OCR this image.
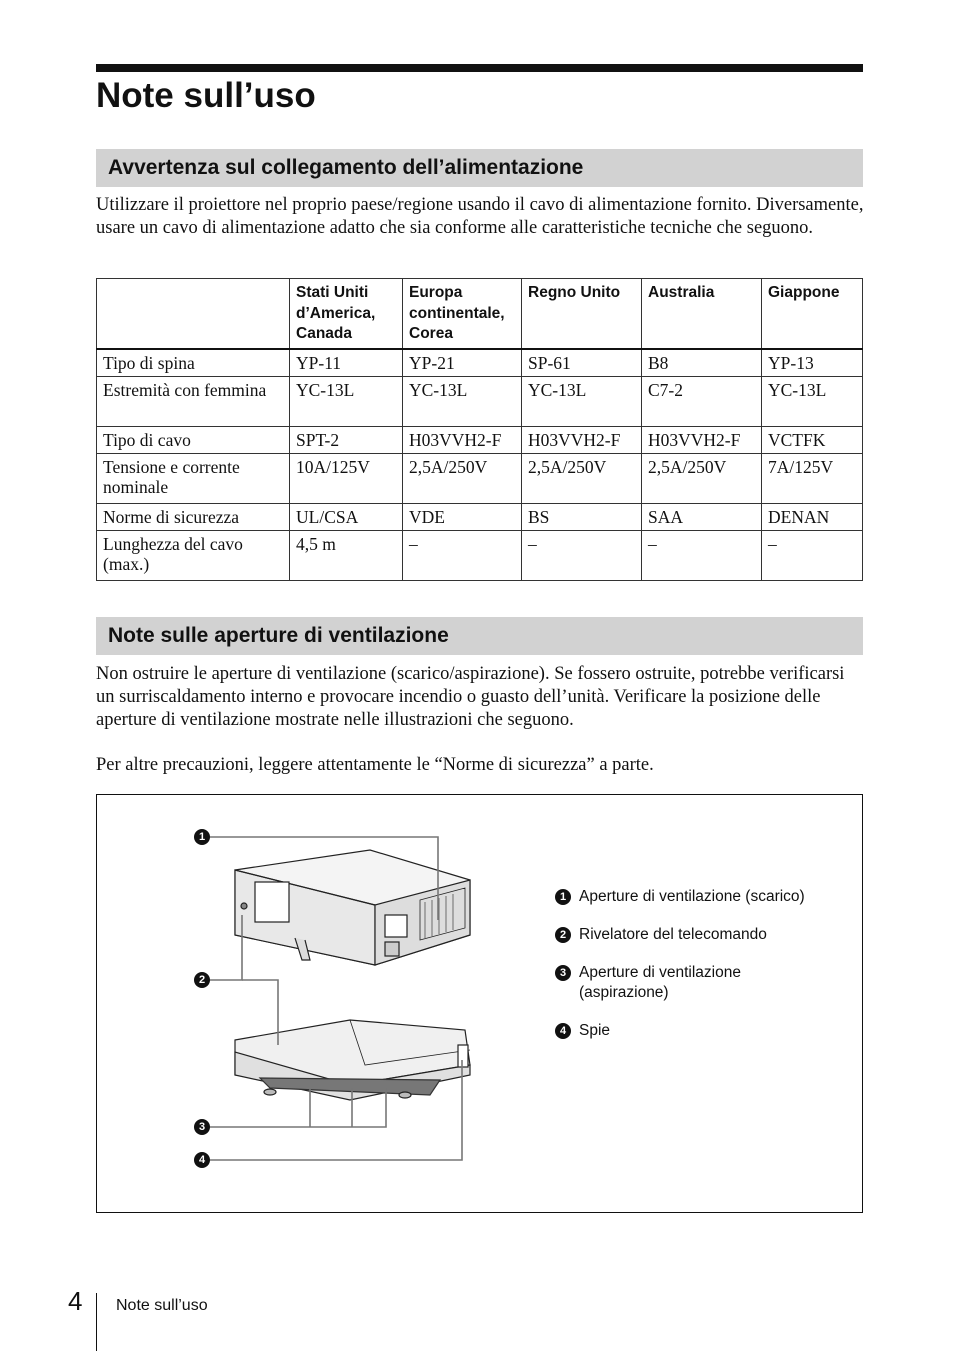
Note sull’uso
Avvertenza sul collegamento dell’alimentazione

Utilizzare il proiettore nel proprio paese/regione usando il cavo di alimentazione fornito. Diversamente, usare un cavo di alimentazione adatto che sia conforme alle caratteristiche tecniche che seguono.

	Stati Uniti d’America, Canada	Europa continentale, Corea	Regno Unito	Australia	Giappone
Tipo di spina	YP-11	YP-21	SP-61	B8	YP-13
Estremità con femmina	YC-13L	YC-13L	YC-13L	C7-2	YC-13L
Tipo di cavo	SPT-2	H03VVH2-F	H03VVH2-F	H03VVH2-F	VCTFK
Tensione e corrente nominale	10A/125V	2,5A/250V	2,5A/250V	2,5A/250V	7A/125V
Norme di sicurezza	UL/CSA	VDE	BS	SAA	DENAN
Lunghezza del cavo (max.)	4,5 m	–	–	–	–
Note sulle aperture di ventilazione

Non ostruire le aperture di ventilazione (scarico/aspirazione). Se fossero ostruite, potrebbe verificarsi un surriscaldamento interno e provocare incendio o guasto dell’unità. Verificare la posizione delle aperture di ventilazione mostrate nelle illustrazioni che seguono.

Per altre precauzioni, leggere attentamente le “Norme di sicurezza” a parte.

1
2
3
4
1 Aperture di ventilazione (scarico)
2 Rivelatore del telecomando
3 Aperture di ventilazione (aspirazione)
4 Spie
4 Note sull’uso
